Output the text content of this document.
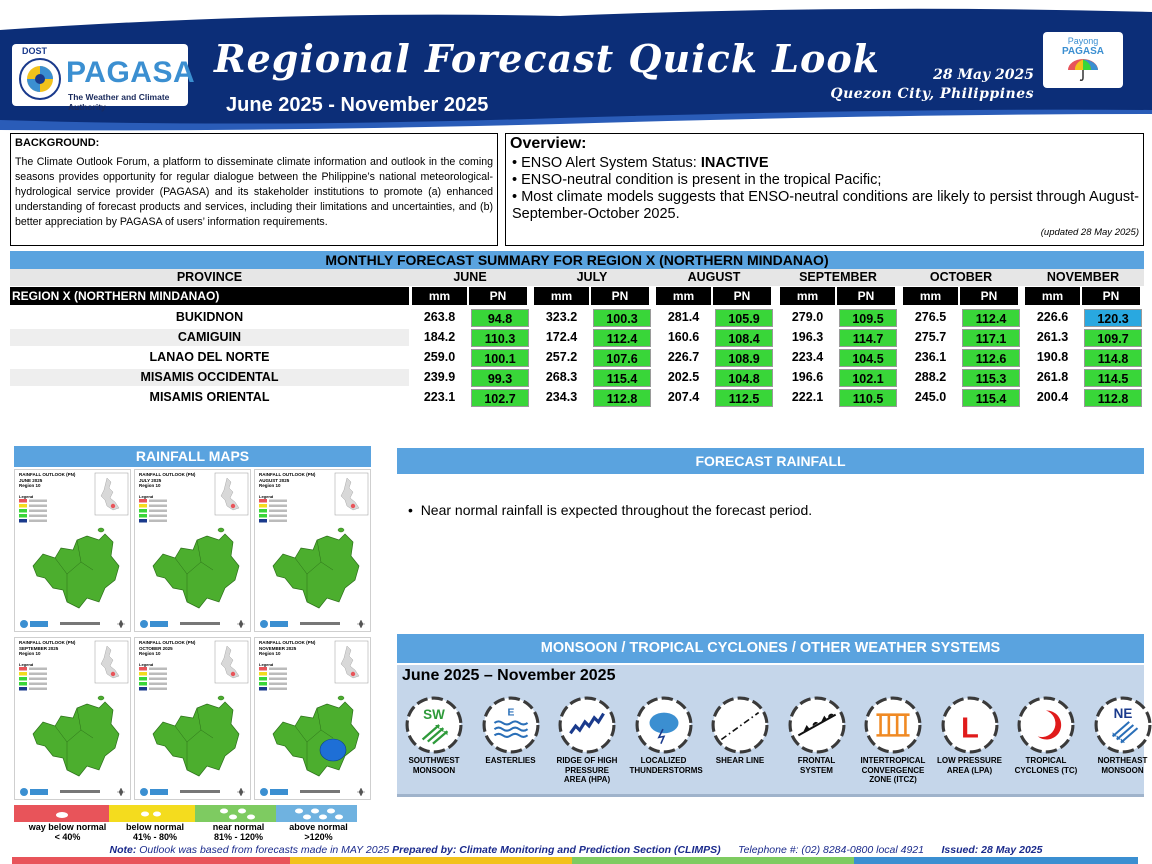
DOST
PAGASA
The Weather and Climate Authority
Regional Forecast Quick Look
June 2025 - November 2025
28 May 2025
Quezon City, Philippines
Payong
PAGASA
BACKGROUND:

The Climate Outlook Forum, a platform to disseminate climate information and outlook in the coming seasons provides opportunity for regular dialogue between the Philippine’s national meteorological-hydrological service provider (PAGASA) and its stakeholder institutions to promote (a) enhanced understanding of forecast products and services, including their limitations and uncertainties, and (b) better appreciation by PAGASA of users’ information requirements.

Overview:
• ENSO Alert System Status: INACTIVE
• ENSO-neutral condition is present in the tropical Pacific;
• Most climate models suggests that ENSO-neutral conditions are likely to persist through August-September-October 2025.
(updated 28 May 2025)
MONTHLY FORECAST SUMMARY FOR REGION X (NORTHERN MINDANAO)
PROVINCE	JUNE	JULY	AUGUST	SEPTEMBER	OCTOBER	NOVEMBER
REGION X (NORTHERN MINDANAO)	mm	PN	mm	PN	mm	PN	mm	PN	mm	PN	mm	PN
BUKIDNON	263.8	94.8	323.2	100.3	281.4	105.9	279.0	109.5	276.5	112.4	226.6	120.3
CAMIGUIN	184.2	110.3	172.4	112.4	160.6	108.4	196.3	114.7	275.7	117.1	261.3	109.7
LANAO DEL NORTE	259.0	100.1	257.2	107.6	226.7	108.9	223.4	104.5	236.1	112.6	190.8	114.8
MISAMIS OCCIDENTAL	239.9	99.3	268.3	115.4	202.5	104.8	196.6	102.1	288.2	115.3	261.8	114.5
MISAMIS ORIENTAL	223.1	102.7	234.3	112.8	207.4	112.5	222.1	110.5	245.0	115.4	200.4	112.8
RAINFALL MAPS
RAINFALL OUTLOOK (PN)
JUNE 2025
Region 10
Legend
RAINFALL OUTLOOK (PN)
JULY 2025
Region 10
Legend
RAINFALL OUTLOOK (PN)
AUGUST 2025
Region 10
Legend
RAINFALL OUTLOOK (PN)
SEPTEMBER 2025
Region 10
Legend
RAINFALL OUTLOOK (PN)
OCTOBER 2025
Region 10
Legend
RAINFALL OUTLOOK (PN)
NOVEMBER 2025
Region 10
Legend
way below normal
< 40%
below normal
41% - 80%
near normal
81% - 120%
above normal
>120%
FORECAST RAINFALL
•  Near normal rainfall is expected throughout the forecast period.
MONSOON / TROPICAL CYCLONES / OTHER WEATHER SYSTEMS
June 2025 – November 2025
SW
SOUTHWEST MONSOON
E
EASTERLIES	RIDGE OF HIGH PRESSURE AREA (HPA)
LOCALIZED THUNDERSTORMS
SHEAR LINE	FRONTAL SYSTEM
INTERTROPICAL CONVERGENCE ZONE (ITCZ)
L
LOW PRESSURE AREA (LPA)
TROPICAL CYCLONES (TC)
NE
NORTHEAST MONSOON
Note: Outlook was based from forecasts made in MAY 2025 Prepared by: Climate Monitoring and Prediction Section (CLIMPS) Telephone #: (02) 8284-0800 local 4921 Issued: 28 May 2025
